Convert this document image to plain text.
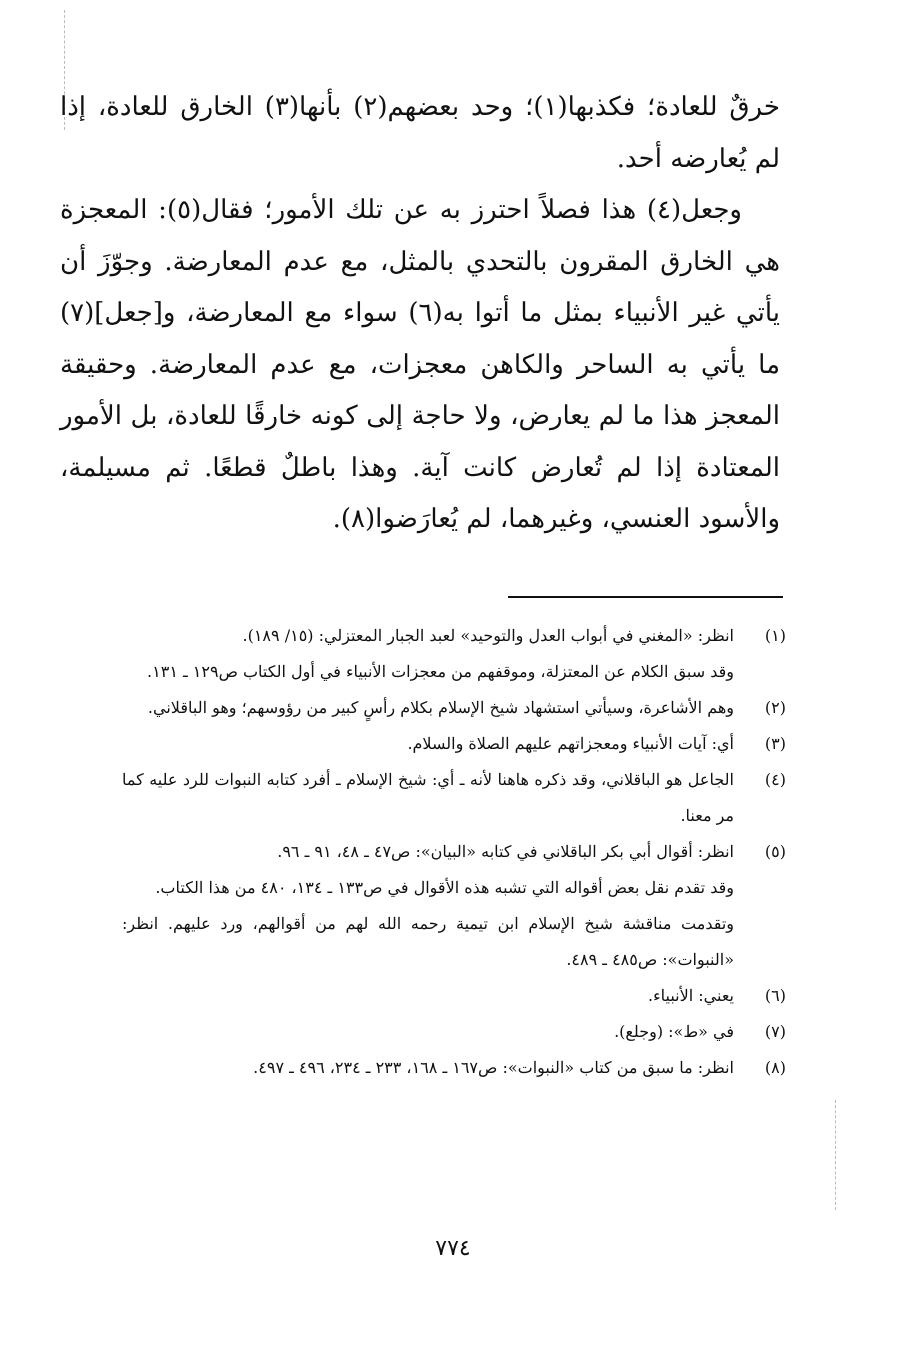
خرقٌ للعادة؛ فكذبها(١)؛ وحد بعضهم(٢) بأنها(٣) الخارق للعادة، إذا لم يُعارضه أحد.

وجعل(٤) هذا فصلاً احترز به عن تلك الأمور؛ فقال(٥): المعجزة هي الخارق المقرون بالتحدي بالمثل، مع عدم المعارضة. وجوّزَ أن يأتي غير الأنبياء بمثل ما أتوا به(٦) سواء مع المعارضة، و[جعل](٧) ما يأتي به الساحر والكاهن معجزات، مع عدم المعارضة. وحقيقة المعجز هذا ما لم يعارض، ولا حاجة إلى كونه خارقًا للعادة، بل الأمور المعتادة إذا لم تُعارض كانت آية. وهذا باطلٌ قطعًا. ثم مسيلمة، والأسود العنسي، وغيرهما، لم يُعارَضوا(٨).

(١)
انظر: «المغني في أبواب العدل والتوحيد» لعبد الجبار المعتزلي: (١٥/ ١٨٩).
وقد سبق الكلام عن المعتزلة، وموقفهم من معجزات الأنبياء في أول الكتاب ص١٢٩ ـ ١٣١.
(٢)
وهم الأشاعرة، وسيأتي استشهاد شيخ الإسلام بكلام رأسٍ كبير من رؤوسهم؛ وهو الباقلاني.
(٣)
أي: آيات الأنبياء ومعجزاتهم عليهم الصلاة والسلام.
(٤)
الجاعل هو الباقلاني، وقد ذكره هاهنا لأنه ـ أي: شيخ الإسلام ـ أفرد كتابه النبوات للرد عليه كما مر معنا.
(٥)
انظر: أقوال أبي بكر الباقلاني في كتابه «البيان»: ص٤٧ ـ ٤٨، ٩١ ـ ٩٦.
وقد تقدم نقل بعض أقواله التي تشبه هذه الأقوال في ص١٣٣ ـ ١٣٤، ٤٨٠ من هذا الكتاب.
وتقدمت مناقشة شيخ الإسلام ابن تيمية رحمه الله لهم من أقوالهم، ورد عليهم. انظر: «النبوات»: ص٤٨٥ ـ ٤٨٩.
(٦)
يعني: الأنبياء.
(٧)
في «ط»: (وجلع).
(٨)
انظر: ما سبق من كتاب «النبوات»: ص١٦٧ ـ ١٦٨، ٢٣٣ ـ ٢٣٤، ٤٩٦ ـ ٤٩٧.
٧٧٤
